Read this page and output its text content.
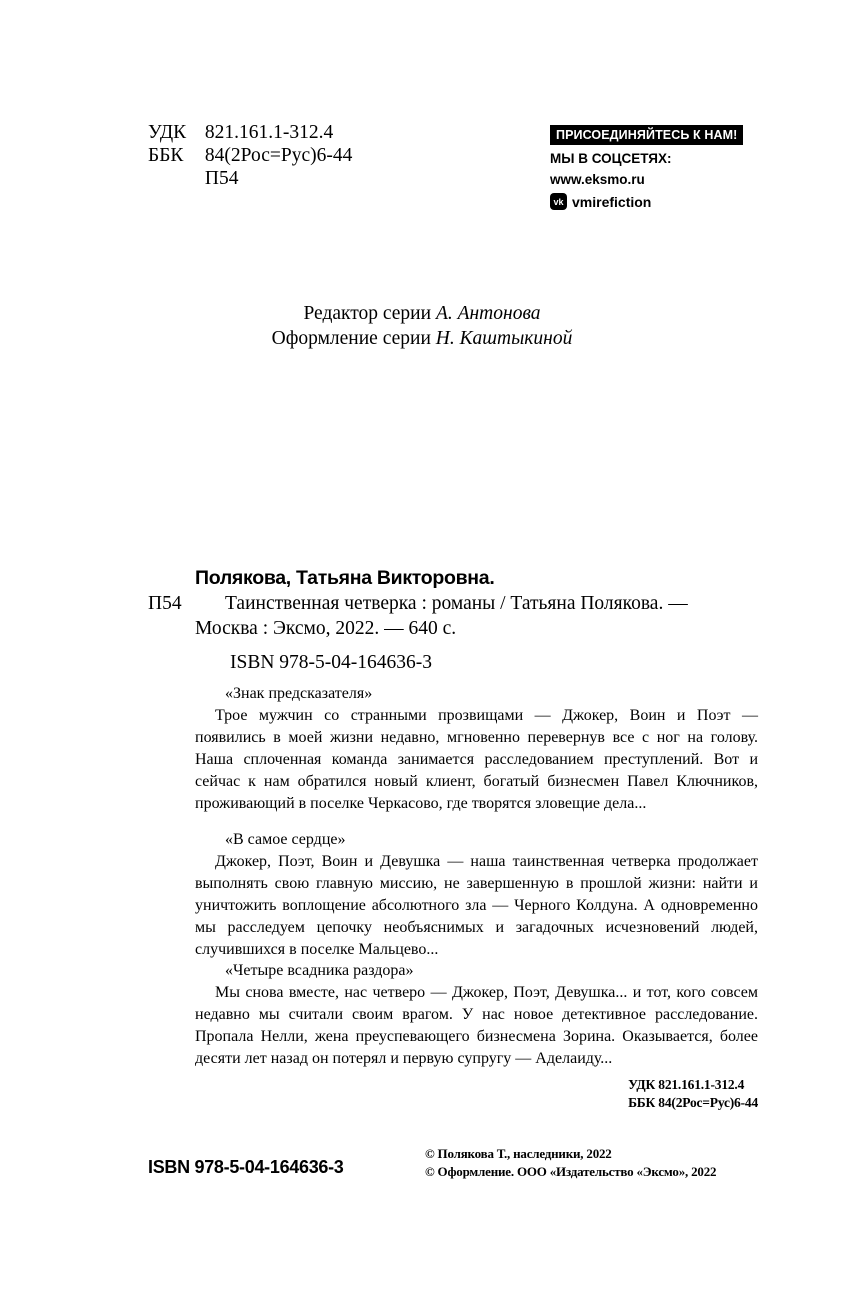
УДК 821.161.1-312.4
ББК 84(2Рос=Рус)6-44
П54
ПРИСОЕДИНЯЙТЕСЬ К НАМ!
МЫ В СОЦСЕТЯХ:
www.eksmo.ru
vk vmirefiction
Редактор серии А. Антонова
Оформление серии Н. Каштыкиной
Полякова, Татьяна Викторовна.
П54 Таинственная четверка : романы / Татьяна Полякова. —
Москва : Эксмо, 2022. — 640 с.
ISBN 978-5-04-164636-3
«Знак предсказателя»
Трое мужчин со странными прозвищами — Джокер, Воин и Поэт — появились в моей жизни недавно, мгновенно перевернув все с ног на голову. Наша сплоченная команда занимается расследованием преступлений. Вот и сейчас к нам обратился новый клиент, богатый бизнесмен Павел Ключников, проживающий в поселке Черкасово, где творятся зловещие дела...
«В самое сердце»
Джокер, Поэт, Воин и Девушка — наша таинственная четверка продолжает выполнять свою главную миссию, не завершенную в прошлой жизни: найти и уничтожить воплощение абсолютного зла — Черного Колдуна. А одновременно мы расследуем цепочку необъяснимых и загадочных исчезновений людей, случившихся в поселке Мальцево...
«Четыре всадника раздора»
Мы снова вместе, нас четверо — Джокер, Поэт, Девушка... и тот, кого совсем недавно мы считали своим врагом. У нас новое детективное расследование. Пропала Нелли, жена преуспевающего бизнесмена Зорина. Оказывается, более десяти лет назад он потерял и первую супругу — Аделаиду...
УДК 821.161.1-312.4
ББК 84(2Рос=Рус)6-44
ISBN 978-5-04-164636-3
© Полякова Т., наследники, 2022
© Оформление. ООО «Издательство «Эксмо», 2022
